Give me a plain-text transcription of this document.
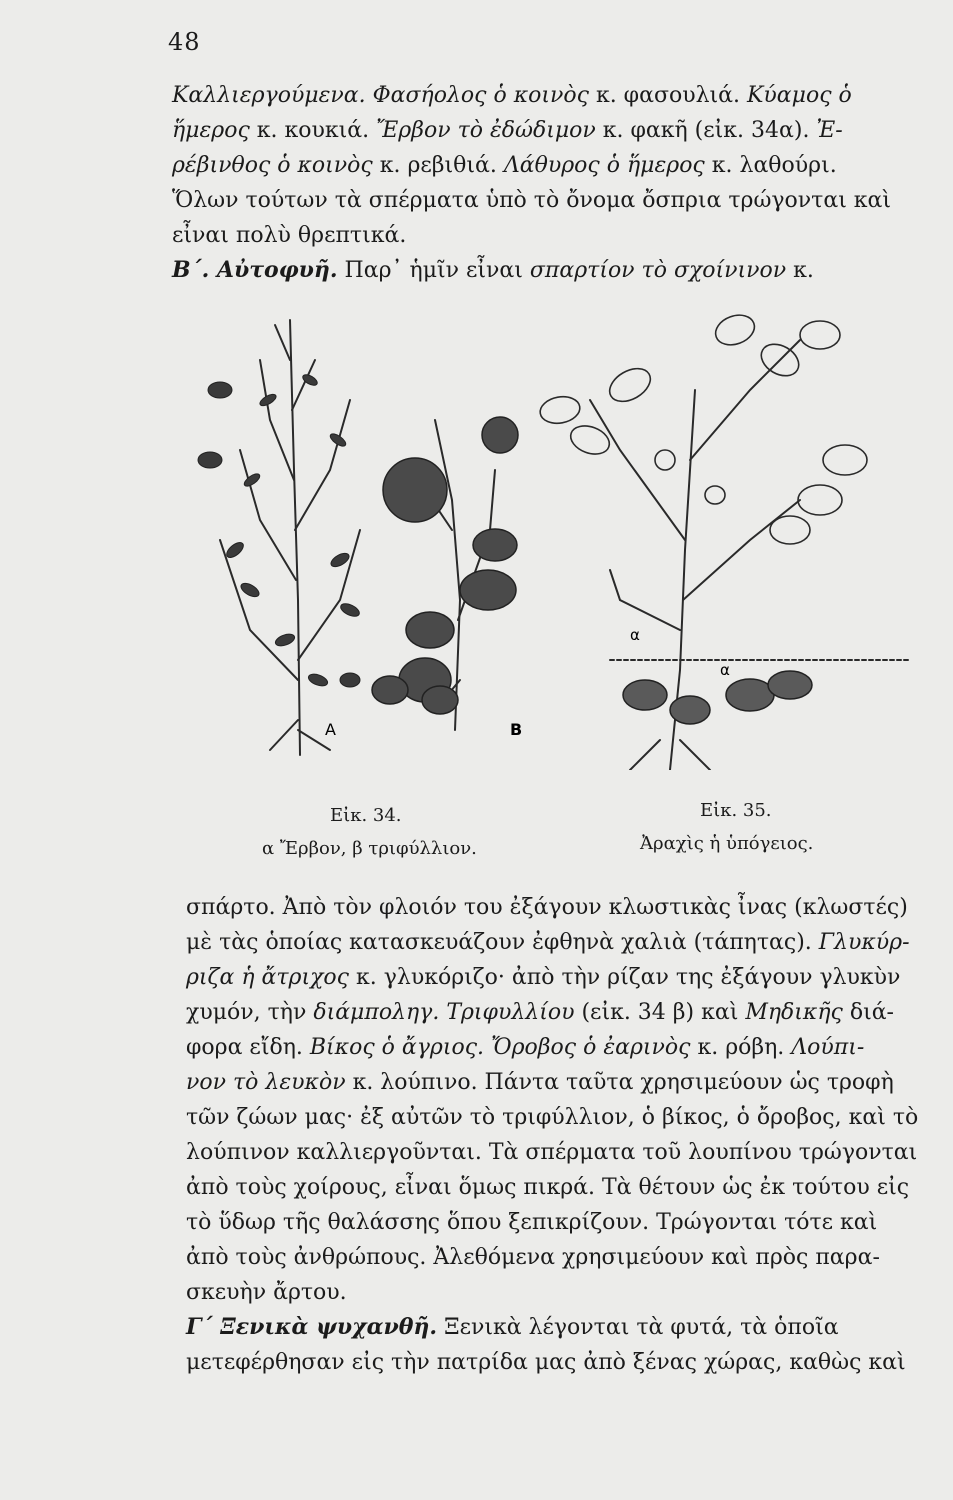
48
Καλλιεργούμενα. Φασήολος ὁ κοινὸς κ. φασουλιά. Κύαμος ὁ
ἥμερος κ. κουκιά. Ἔρβον τὸ ἐδώδιμον κ. φακῆ (εἰκ. 34α). Ἐ-
ρέβινθος ὁ κοινὸς κ. ρεβιθιά. Λάθυρος ὁ ἥμερος κ. λαθούρι.
Ὅλων τούτων τὰ σπέρματα ὑπὸ τὸ ὄνομα ὄσπρια τρώγονται καὶ
εἶναι πολὺ θρεπτικά.
Β΄. Αὐτοφυῆ. Παρ᾽ ἡμῖν εἶναι σπαρτίον τὸ σχοίνινον κ.
A	B
α
α
Εἰκ. 34.
α Ἔρβον, β τριφύλλιον.
Εἰκ. 35.
Ἀραχὶς ἡ ὑπόγειος.
σπάρτο. Ἀπὸ τὸν φλοιόν του ἐξάγουν κλωστικὰς ἶνας (κλωστές)
μὲ τὰς ὁποίας κατασκευάζουν ἐφθηνὰ χαλιὰ (τάπητας). Γλυκύρ-
ριζα ἡ ἄτριχος κ. γλυκόριζο· ἀπὸ τὴν ρίζαν της ἐξάγουν γλυκὺν
χυμόν, τὴν διάμποληγ. Τριφυλλίου (εἰκ. 34 β) καὶ Μηδικῆς διά-
φορα εἴδη. Βίκος ὁ ἄγριος. Ὄροβος ὁ ἐαρινὸς κ. ρόβη. Λούπι-
νον τὸ λευκὸν κ. λούπινο. Πάντα ταῦτα χρησιμεύουν ὡς τροφὴ
τῶν ζώων μας· ἐξ αὐτῶν τὸ τριφύλλιον, ὁ βίκος, ὁ ὄροβος, καὶ τὸ
λούπινον καλλιεργοῦνται. Τὰ σπέρματα τοῦ λουπίνου τρώγονται
ἀπὸ τοὺς χοίρους, εἶναι ὅμως πικρά. Τὰ θέτουν ὡς ἐκ τούτου εἰς
τὸ ὕδωρ τῆς θαλάσσης ὅπου ξεπικρίζουν. Τρώγονται τότε καὶ
ἀπὸ τοὺς ἀνθρώπους. Ἀλεθόμενα χρησιμεύουν καὶ πρὸς παρα-
σκευὴν ἄρτου.
Γ΄ Ξενικὰ ψυχανθῆ. Ξενικὰ λέγονται τὰ φυτά, τὰ ὁποῖα
μετεφέρθησαν εἰς τὴν πατρίδα μας ἀπὸ ξένας χώρας, καθὼς καὶ
